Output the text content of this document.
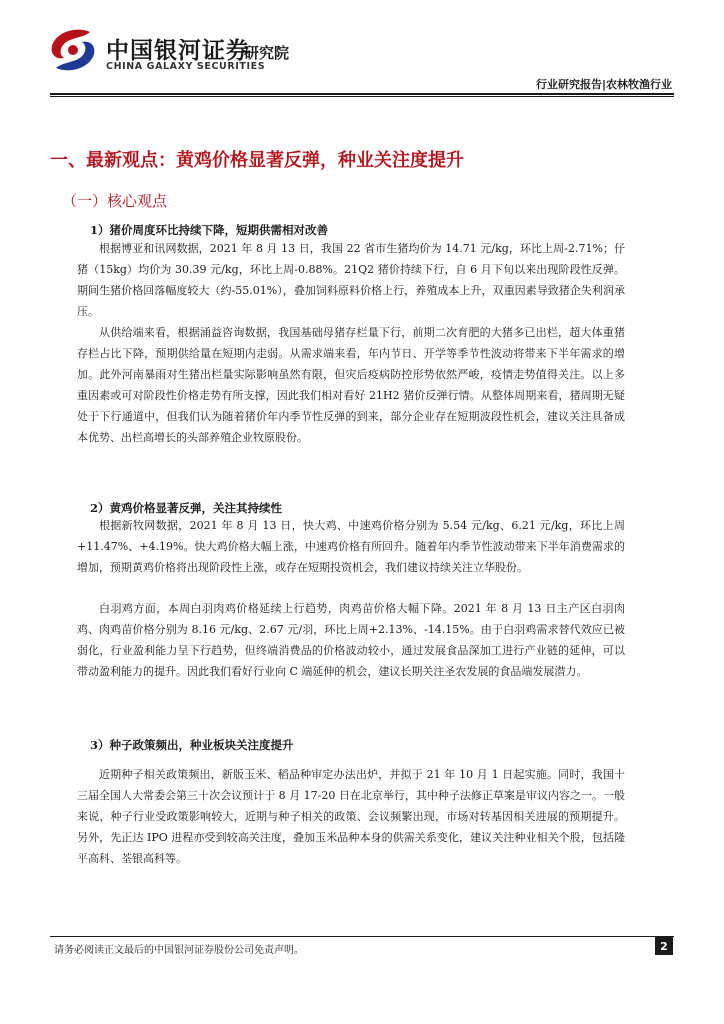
中国银河证券
CHINA GALAXY SECURITIES
研究院
行业研究报告|农林牧渔行业
一、最新观点：黄鸡价格显著反弹，种业关注度提升
（一）核心观点
1）猪价周度环比持续下降，短期供需相对改善

根据博亚和讯网数据，2021 年 8 月 13 日，我国 22 省市生猪均价为 14.71 元/kg，环比上周-2.71%；仔猪（15kg）均价为 30.39 元/kg，环比上周-0.88%。21Q2 猪价持续下行，自 6 月下旬以来出现阶段性反弹。期间生猪价格回落幅度较大（约-55.01%），叠加饲料原料价格上行，养殖成本上升，双重因素导致猪企失利润承压。

从供给端来看，根据涌益咨询数据，我国基础母猪存栏量下行，前期二次育肥的大猪多已出栏，超大体重猪存栏占比下降，预期供给量在短期内走弱。从需求端来看，年内节日、开学等季节性波动将带来下半年需求的增加。此外河南暴雨对生猪出栏量实际影响虽然有限，但灾后疫病防控形势依然严峻，疫情走势值得关注。以上多重因素或可对阶段性价格走势有所支撑，因此我们相对看好 21H2 猪价反弹行情。从整体周期来看，猪周期无疑处于下行通道中，但我们认为随着猪价年内季节性反弹的到来，部分企业存在短期波段性机会，建议关注具备成本优势、出栏高增长的头部养殖企业牧原股份。

2）黄鸡价格显著反弹，关注其持续性

根据新牧网数据，2021 年 8 月 13 日，快大鸡、中速鸡价格分别为 5.54 元/kg、6.21 元/kg，环比上周+11.47%、+4.19%。快大鸡价格大幅上涨，中速鸡价格有所回升。随着年内季节性波动带来下半年消费需求的增加，预期黄鸡价格将出现阶段性上涨，或存在短期投资机会，我们建议持续关注立华股份。

白羽鸡方面，本周白羽肉鸡价格延续上行趋势，肉鸡苗价格大幅下降。2021 年 8 月 13 日主产区白羽肉鸡、肉鸡苗价格分别为 8.16 元/kg、2.67 元/羽，环比上周+2.13%、-14.15%。由于白羽鸡需求替代效应已被弱化，行业盈利能力呈下行趋势，但终端消费品的价格波动较小，通过发展食品深加工进行产业链的延伸，可以带动盈利能力的提升。因此我们看好行业向 C 端延伸的机会，建议长期关注圣农发展的食品端发展潜力。

3）种子政策频出，种业板块关注度提升

近期种子相关政策频出，新版玉米、稻品种审定办法出炉，并拟于 21 年 10 月 1 日起实施。同时，我国十三届全国人大常委会第三十次会议预计于 8 月 17-20 日在北京举行，其中种子法修正草案是审议内容之一。一般来说，种子行业受政策影响较大，近期与种子相关的政策、会议频繁出现，市场对转基因相关进展的预期提升。另外，先正达 IPO 进程亦受到较高关注度，叠加玉米品种本身的供需关系变化，建议关注种业相关个股，包括隆平高科、荃银高科等。

请务必阅读正文最后的中国银河证券股份公司免责声明。	2
